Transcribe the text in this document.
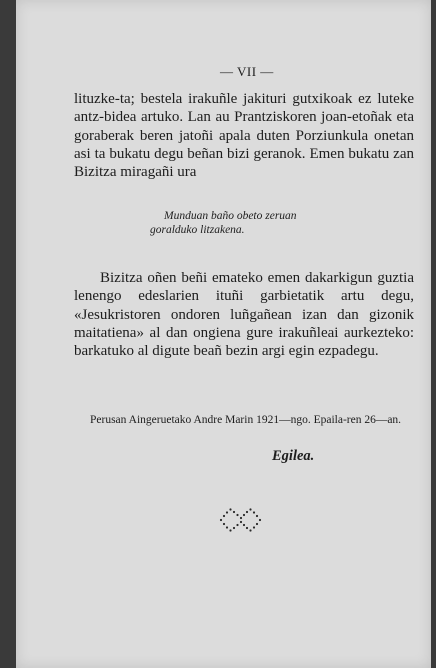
— VII —

lituzke-ta; bestela irakuñle jakituri gutxikoak ez luteke antz-bidea artuko. Lan au Prantziskoren joan-etoñak eta goraberak beren jatoñi apala duten Porziunkula onetan asi ta bukatu degu beñan bizi geranok. Emen bukatu zan Bizitza miragañi ura

Munduan baño obeto zeruan
goralduko litzakena.

Bizitza oñen beñi emateko emen dakarkigun guztia lenengo edeslarien ituñi garbietatik artu degu, «Jesukristoren ondoren luñgañean izan dan gizonik maitatiena» al dan ongiena gure irakuñleai aurkezteko: barkatuko al digute beañ bezin argi egin ezpadegu.

Perusan Aingeruetako Andre Marin 1921—ngo. Epaila-ren 26—an.

Egilea.
